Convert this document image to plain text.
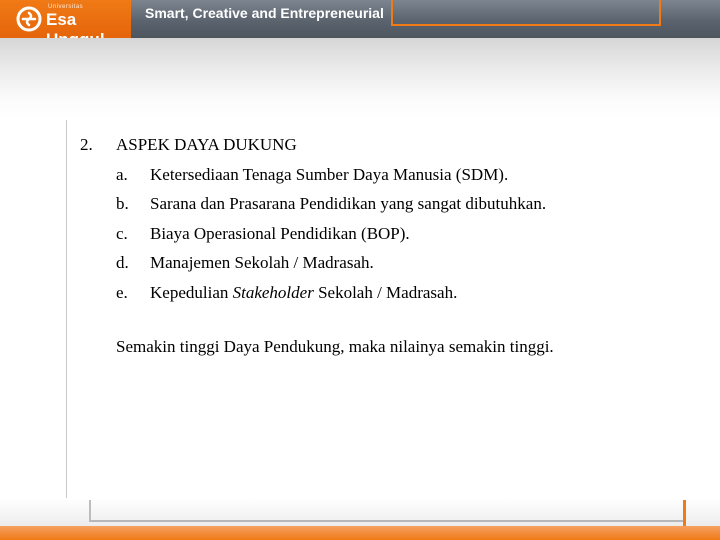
Universitas
Esa	Smart, Creative and Entrepreneurial
2. ASPEK DAYA DUKUNG
a. Ketersediaan Tenaga Sumber Daya Manusia (SDM).
b. Sarana dan Prasarana Pendidikan yang sangat dibutuhkan.
c. Biaya Operasional Pendidikan (BOP).
d. Manajemen Sekolah / Madrasah.
e. Kepedulian Stakeholder Sekolah / Madrasah.
Semakin tinggi Daya Pendukung, maka nilainya semakin tinggi.
